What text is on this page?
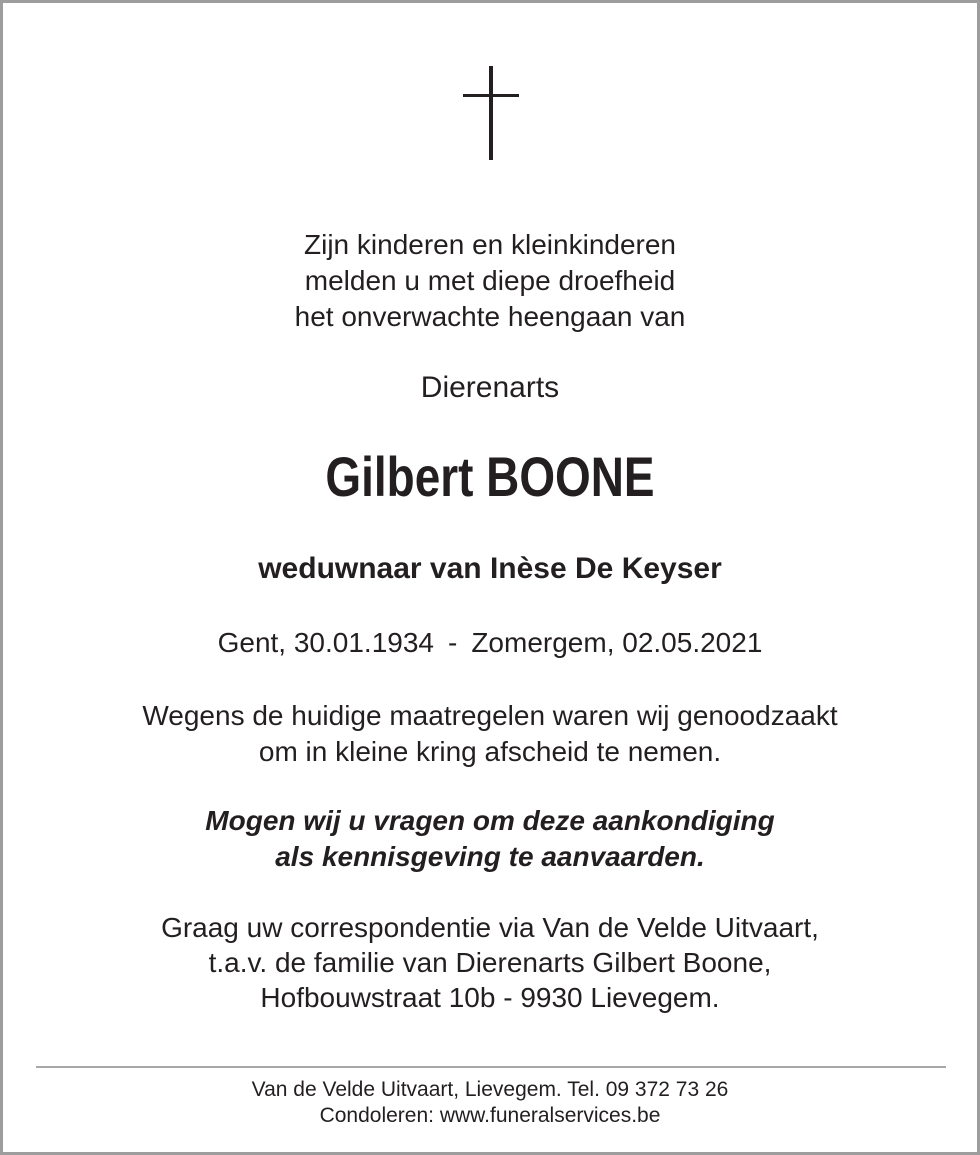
Zijn kinderen en kleinkinderen
melden u met diepe droefheid
het onverwachte heengaan van
Dierenarts
Gilbert BOONE
weduwnaar van Inèse De Keyser
Gent, 30.01.1934 - Zomergem, 02.05.2021
Wegens de huidige maatregelen waren wij genoodzaakt
om in kleine kring afscheid te nemen.
Mogen wij u vragen om deze aankondiging
als kennisgeving te aanvaarden.
Graag uw correspondentie via Van de Velde Uitvaart,
t.a.v. de familie van Dierenarts Gilbert Boone,
Hofbouwstraat 10b - 9930 Lievegem.
Van de Velde Uitvaart, Lievegem. Tel. 09 372 73 26
Condoleren: www.funeralservices.be
